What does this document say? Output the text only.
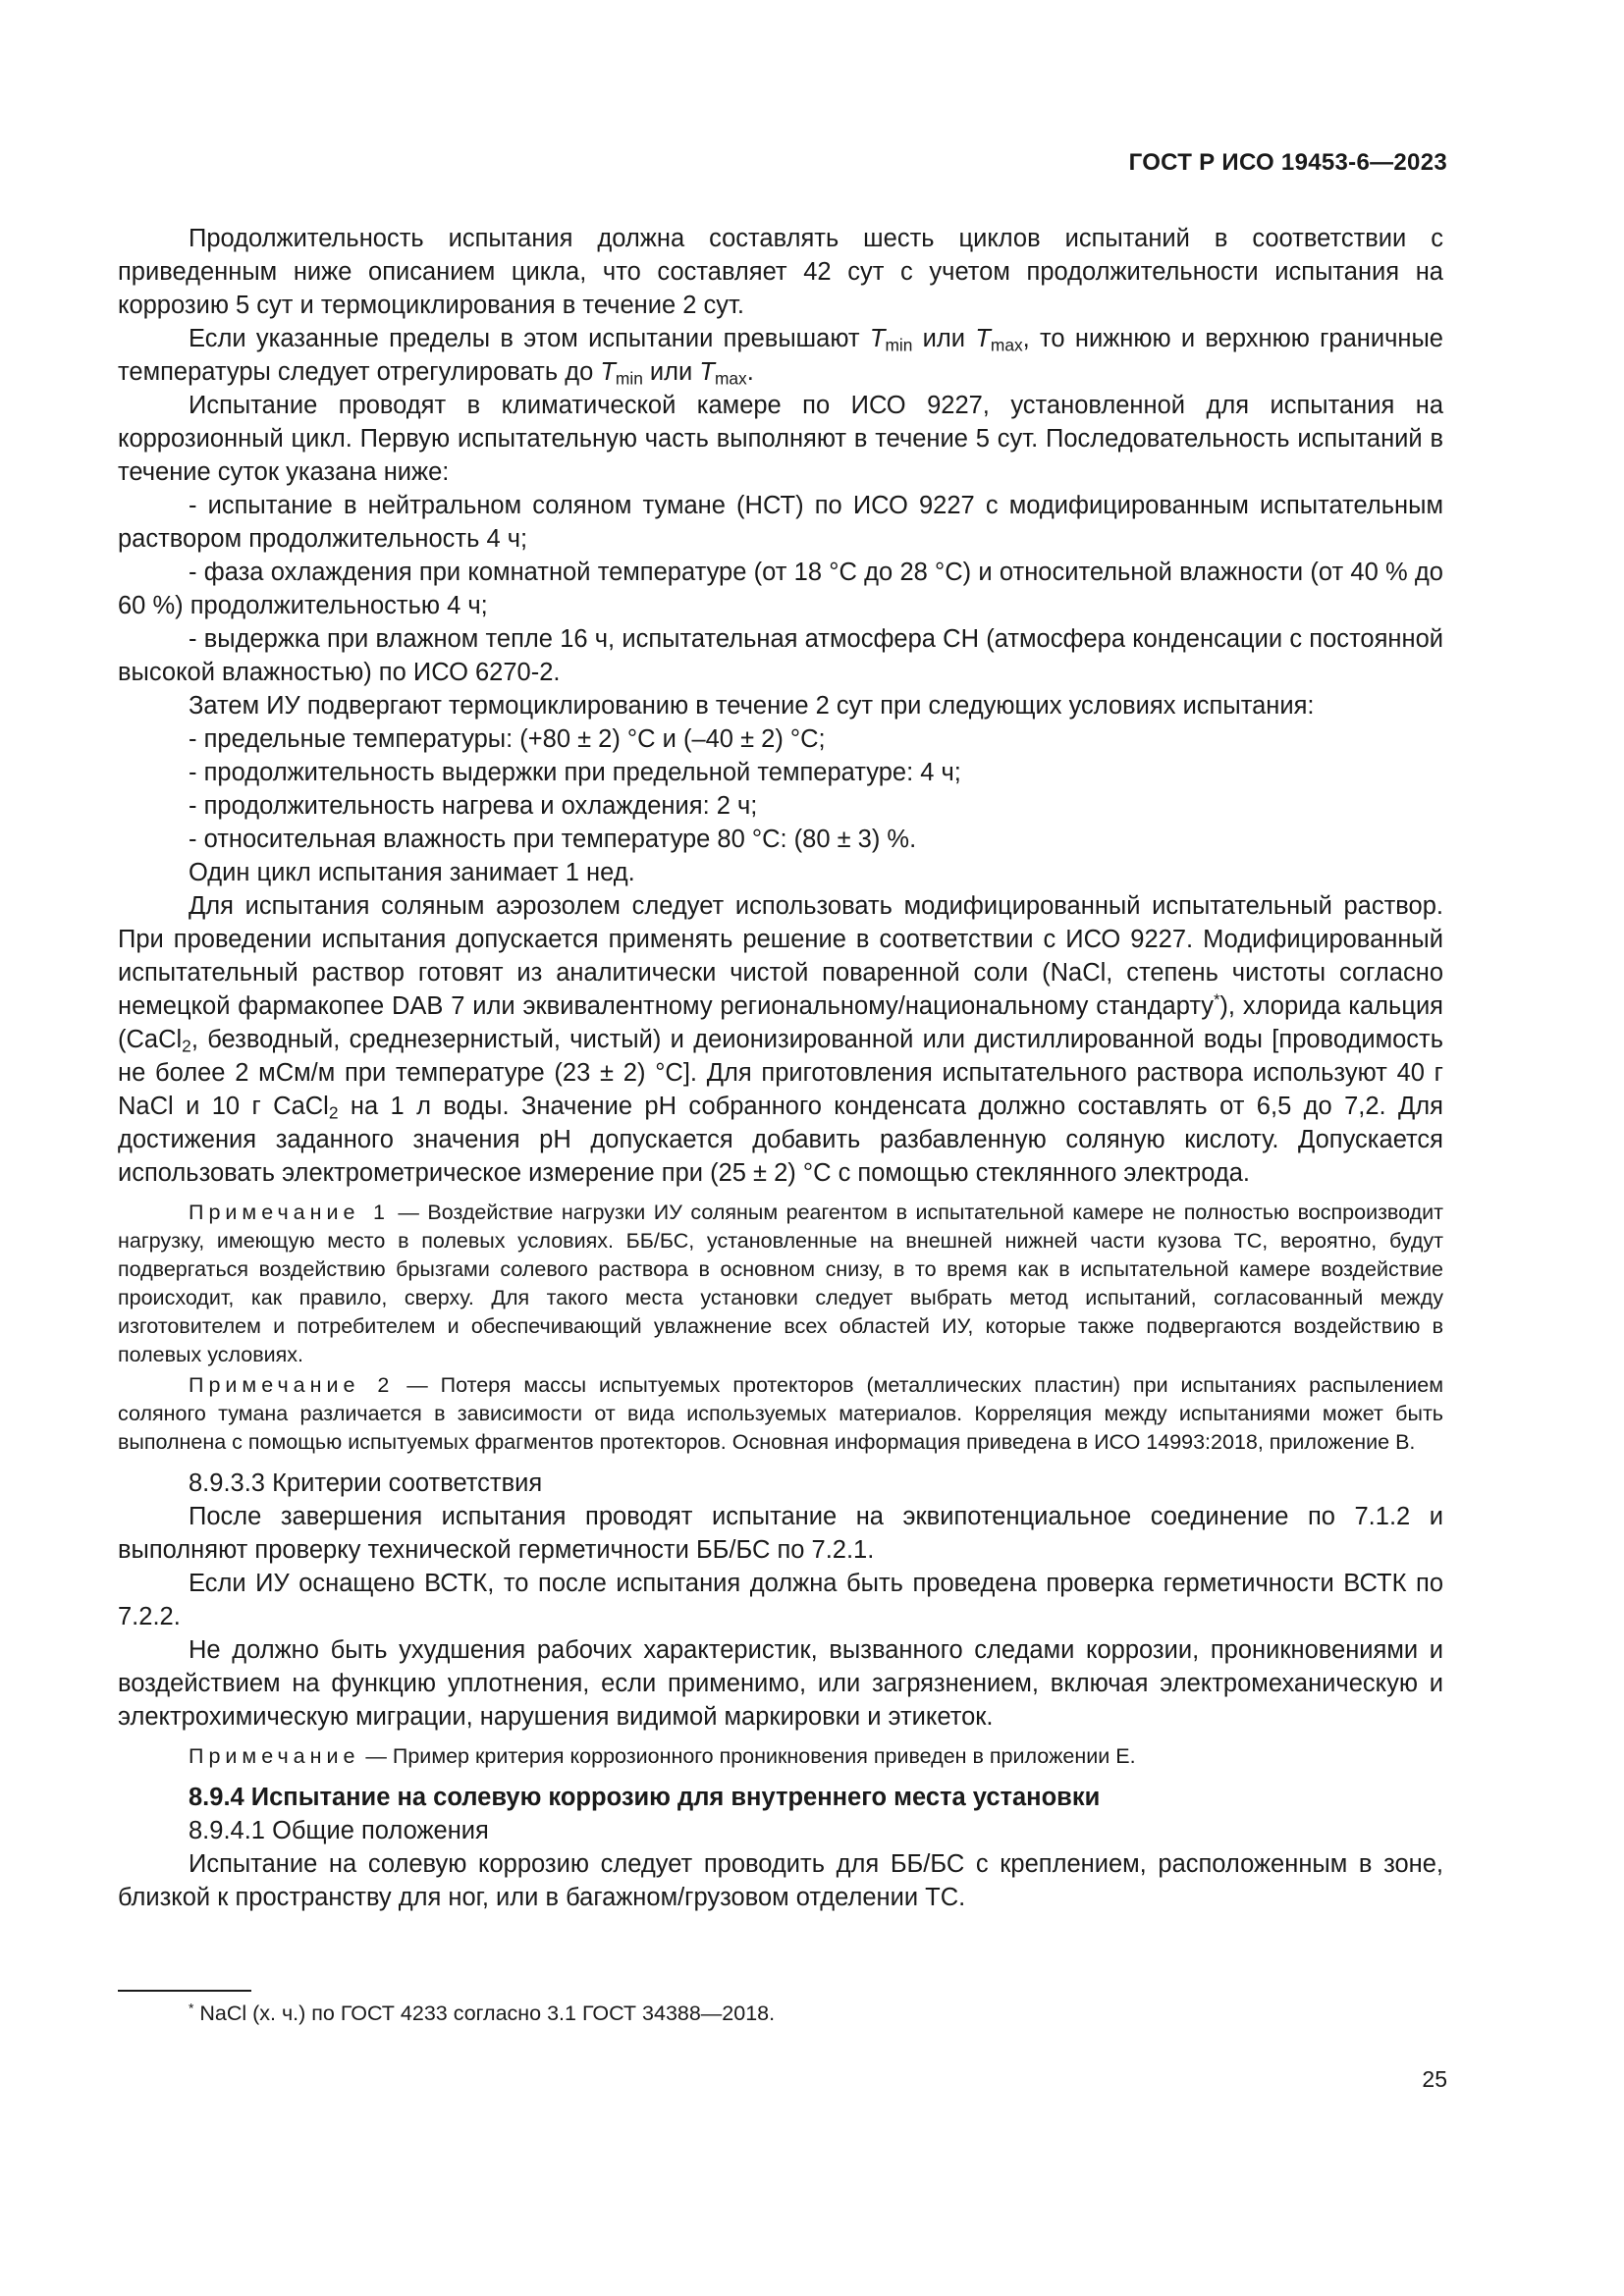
ГОСТ Р ИСО 19453-6—2023

Продолжительность испытания должна составлять шесть циклов испытаний в соответствии с приведенным ниже описанием цикла, что составляет 42 сут с учетом продолжительности испытания на коррозию 5 сут и термоциклирования в течение 2 сут.

Если указанные пределы в этом испытании превышают $T_{min}$ или $T_{max}$, то нижнюю и верхнюю граничные температуры следует отрегулировать до $T_{min}$ или $T_{max}$.

Испытание проводят в климатической камере по ИСО 9227, установленной для испытания на коррозионный цикл. Первую испытательную часть выполняют в течение 5 сут. Последовательность испытаний в течение суток указана ниже:

- испытание в нейтральном соляном тумане (НСТ) по ИСО 9227 с модифицированным испытательным раствором продолжительность 4 ч;

- фаза охлаждения при комнатной температуре (от 18 °С до 28 °С) и относительной влажности (от 40 % до 60 %) продолжительностью 4 ч;

- выдержка при влажном тепле 16 ч, испытательная атмосфера CH (атмосфера конденсации с постоянной высокой влажностью) по ИСО 6270-2.

Затем ИУ подвергают термоциклированию в течение 2 сут при следующих условиях испытания:

- предельные температуры: (+80 ± 2) °C и (–40 ± 2) °C;

- продолжительность выдержки при предельной температуре: 4 ч;

- продолжительность нагрева и охлаждения: 2 ч;

- относительная влажность при температуре 80 °C: (80 ± 3) %.

Один цикл испытания занимает 1 нед.

Для испытания соляным аэрозолем следует использовать модифицированный испытательный раствор. При проведении испытания допускается применять решение в соответствии с ИСО 9227. Модифицированный испытательный раствор готовят из аналитически чистой поваренной соли (NaCl, степень чистоты согласно немецкой фармакопее DAB 7 или эквивалентному региональному/национальному стандарту*), хлорида кальция (CaCl$_2$, безводный, среднезернистый, чистый) и деионизированной или дистиллированной воды [проводимость не более 2 мСм/м при температуре (23 ± 2) °С]. Для приготовления испытательного раствора используют 40 г NaCl и 10 г CaCl$_2$ на 1 л воды. Значение pH собранного конденсата должно составлять от 6,5 до 7,2. Для достижения заданного значения pH допускается добавить разбавленную соляную кислоту. Допускается использовать электрометрическое измерение при (25 ± 2) °С с помощью стеклянного электрода.

Примечание 1 — Воздействие нагрузки ИУ соляным реагентом в испытательной камере не полностью воспроизводит нагрузку, имеющую место в полевых условиях. ББ/БС, установленные на внешней нижней части кузова ТС, вероятно, будут подвергаться воздействию брызгами солевого раствора в основном снизу, в то время как в испытательной камере воздействие происходит, как правило, сверху. Для такого места установки следует выбрать метод испытаний, согласованный между изготовителем и потребителем и обеспечивающий увлажнение всех областей ИУ, которые также подвергаются воздействию в полевых условиях.

Примечание 2 — Потеря массы испытуемых протекторов (металлических пластин) при испытаниях распылением соляного тумана различается в зависимости от вида используемых материалов. Корреляция между испытаниями может быть выполнена с помощью испытуемых фрагментов протекторов. Основная информация приведена в ИСО 14993:2018, приложение В.

8.9.3.3 Критерии соответствия

После завершения испытания проводят испытание на эквипотенциальное соединение по 7.1.2 и выполняют проверку технической герметичности ББ/БС по 7.2.1.

Если ИУ оснащено ВСТК, то после испытания должна быть проведена проверка герметичности ВСТК по 7.2.2.

Не должно быть ухудшения рабочих характеристик, вызванного следами коррозии, проникновениями и воздействием на функцию уплотнения, если применимо, или загрязнением, включая электромеханическую и электрохимическую миграции, нарушения видимой маркировки и этикеток.

Примечание — Пример критерия коррозионного проникновения приведен в приложении Е.

8.9.4 Испытание на солевую коррозию для внутреннего места установки

8.9.4.1 Общие положения

Испытание на солевую коррозию следует проводить для ББ/БС с креплением, расположенным в зоне, близкой к пространству для ног, или в багажном/грузовом отделении ТС.

* NaCl (х. ч.) по ГОСТ 4233 согласно 3.1 ГОСТ 34388—2018.
25
